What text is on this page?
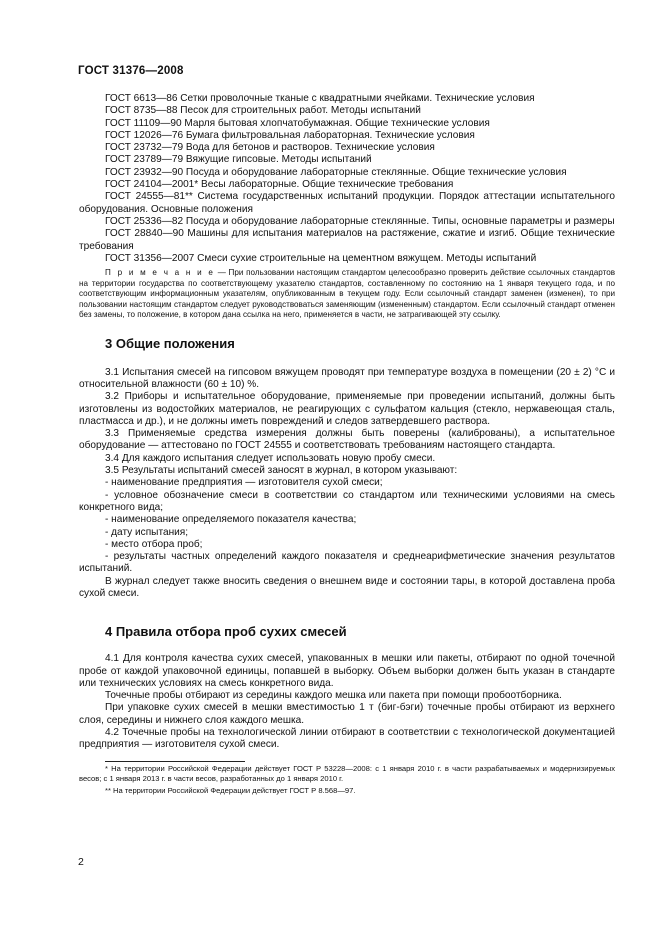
ГОСТ 31376—2008

ГОСТ 6613—86 Сетки проволочные тканые с квадратными ячейками. Технические условия

ГОСТ 8735—88 Песок для строительных работ. Методы испытаний

ГОСТ 11109—90 Марля бытовая хлопчатобумажная. Общие технические условия

ГОСТ 12026—76 Бумага фильтровальная лабораторная. Технические условия

ГОСТ 23732—79 Вода для бетонов и растворов. Технические условия

ГОСТ 23789—79 Вяжущие гипсовые. Методы испытаний

ГОСТ 23932—90 Посуда и оборудование лабораторные стеклянные. Общие технические условия

ГОСТ 24104—2001* Весы лабораторные. Общие технические требования

ГОСТ 24555—81** Система государственных испытаний продукции. Порядок аттестации испытательного оборудования. Основные положения

ГОСТ 25336—82 Посуда и оборудование лабораторные стеклянные. Типы, основные параметры и размеры

ГОСТ 28840—90 Машины для испытания материалов на растяжение, сжатие и изгиб. Общие технические требования

ГОСТ 31356—2007 Смеси сухие строительные на цементном вяжущем. Методы испытаний

П р и м е ч а н и е — При пользовании настоящим стандартом целесообразно проверить действие ссылочных стандартов на территории государства по соответствующему указателю стандартов, составленному по состоянию на 1 января текущего года, и по соответствующим информационным указателям, опубликованным в текущем году. Если ссылочный стандарт заменен (изменен), то при пользовании настоящим стандартом следует руководствоваться заменяющим (измененным) стандартом. Если ссылочный стандарт отменен без замены, то положение, в котором дана ссылка на него, применяется в части, не затрагивающей эту ссылку.

3 Общие положения

3.1 Испытания смесей на гипсовом вяжущем проводят при температуре воздуха в помещении (20 ± 2) °С и относительной влажности (60 ± 10) %.

3.2 Приборы и испытательное оборудование, применяемые при проведении испытаний, должны быть изготовлены из водостойких материалов, не реагирующих с сульфатом кальция (стекло, нержавеющая сталь, пластмасса и др.), и не должны иметь повреждений и следов затвердевшего раствора.

3.3 Применяемые средства измерения должны быть поверены (калиброваны), а испытательное оборудование — аттестовано по ГОСТ 24555 и соответствовать требованиям настоящего стандарта.

3.4 Для каждого испытания следует использовать новую пробу смеси.

3.5 Результаты испытаний смесей заносят в журнал, в котором указывают:

- наименование предприятия — изготовителя сухой смеси;

- условное обозначение смеси в соответствии со стандартом или техническими условиями на смесь конкретного вида;

- наименование определяемого показателя качества;

- дату испытания;

- место отбора проб;

- результаты частных определений каждого показателя и среднеарифметические значения результатов испытаний.

В журнал следует также вносить сведения о внешнем виде и состоянии тары, в которой доставлена проба сухой смеси.

4 Правила отбора проб сухих смесей

4.1 Для контроля качества сухих смесей, упакованных в мешки или пакеты, отбирают по одной точечной пробе от каждой упаковочной единицы, попавшей в выборку. Объем выборки должен быть указан в стандарте или технических условиях на смесь конкретного вида.

Точечные пробы отбирают из середины каждого мешка или пакета при помощи пробоотборника.

При упаковке сухих смесей в мешки вместимостью 1 т (биг-бэги) точечные пробы отбирают из верхнего слоя, середины и нижнего слоя каждого мешка.

4.2 Точечные пробы на технологической линии отбирают в соответствии с технологической документацией предприятия — изготовителя сухой смеси.

* На территории Российской Федерации действует ГОСТ Р 53228—2008: с 1 января 2010 г. в части разрабатываемых и модернизируемых весов; с 1 января 2013 г. в части весов, разработанных до 1 января 2010 г.

** На территории Российской Федерации действует ГОСТ Р 8.568—97.

2
